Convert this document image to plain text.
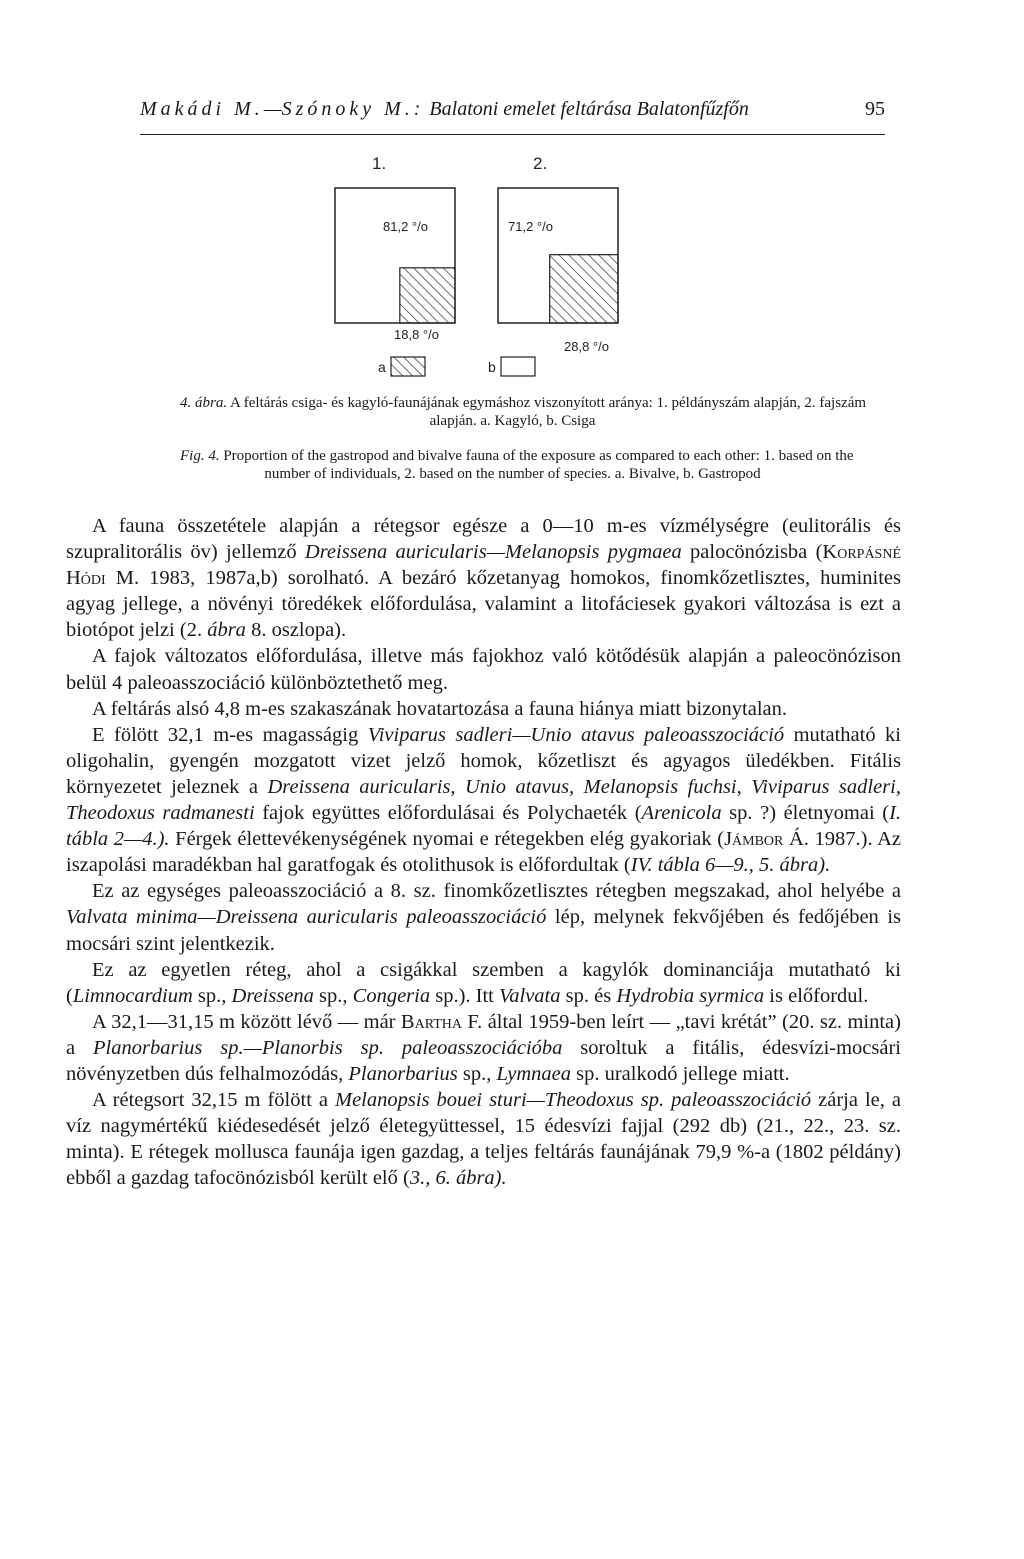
Makádi M.—Szónoky M.: Balatoni emelet feltárása Balatonfűzfőn	95
1.	2.
81,2 °/o	71,2 °/o
18,8 °/o
28,8 °/o
a	b
4. ábra. A feltárás csiga- és kagyló-faunájának egymáshoz viszonyított aránya: 1. példányszám alapján, 2. fajszám
alapján. a. Kagyló, b. Csiga
Fig. 4. Proportion of the gastropod and bivalve fauna of the exposure as compared to each other: 1. based on the
number of individuals, 2. based on the number of species. a. Bivalve, b. Gastropod

A fauna összetétele alapján a rétegsor egésze a 0—10 m-es vízmélységre (eulitorális és szupralitorális öv) jellemző Dreissena auricularis—Melanopsis pygmaea palocönózisba (Korpásné Hódi M. 1983, 1987a,b) sorolható. A bezáró kőzetanyag homokos, finomkőzetlisztes, huminites agyag jellege, a növényi töredékek előfordulása, valamint a litofáciesek gyakori változása is ezt a biotópot jelzi (2. ábra 8. oszlopa).

A fajok változatos előfordulása, illetve más fajokhoz való kötődésük alapján a paleocönózison belül 4 paleoasszociáció különböztethető meg.

A feltárás alsó 4,8 m-es szakaszának hovatartozása a fauna hiánya miatt bizonytalan.

E fölött 32,1 m-es magasságig Viviparus sadleri—Unio atavus paleoasszociáció mutatható ki oligohalin, gyengén mozgatott vizet jelző homok, kőzetliszt és agyagos üledékben. Fitális környezetet jeleznek a Dreissena auricularis, Unio atavus, Melanopsis fuchsi, Viviparus sadleri, Theodoxus radmanesti fajok együttes előfordulásai és Polychaeték (Arenicola sp. ?) életnyomai (I. tábla 2—4.). Férgek élettevékenységének nyomai e rétegekben elég gyakoriak (Jámbor Á. 1987.). Az iszapolási maradékban hal garatfogak és otolithusok is előfordultak (IV. tábla 6—9., 5. ábra).

Ez az egységes paleoasszociáció a 8. sz. finomkőzetlisztes rétegben megszakad, ahol helyébe a Valvata minima—Dreissena auricularis paleoasszociáció lép, melynek fekvőjében és fedőjében is mocsári szint jelentkezik.

Ez az egyetlen réteg, ahol a csigákkal szemben a kagylók dominanciája mutatható ki (Limnocardium sp., Dreissena sp., Congeria sp.). Itt Valvata sp. és Hydrobia syrmica is előfordul.

A 32,1—31,15 m között lévő — már Bartha F. által 1959-ben leírt — „tavi krétát” (20. sz. minta) a Planorbarius sp.—Planorbis sp. paleoasszociációba soroltuk a fitális, édesvízi-mocsári növényzetben dús felhalmozódás, Planorbarius sp., Lymnaea sp. uralkodó jellege miatt.

A rétegsort 32,15 m fölött a Melanopsis bouei sturi—Theodoxus sp. paleoasszociáció zárja le, a víz nagymértékű kiédesedését jelző életegyüttessel, 15 édesvízi fajjal (292 db) (21., 22., 23. sz. minta). E rétegek mollusca faunája igen gazdag, a teljes feltárás faunájának 79,9 %-a (1802 példány) ebből a gazdag tafocönózisból került elő (3., 6. ábra).
